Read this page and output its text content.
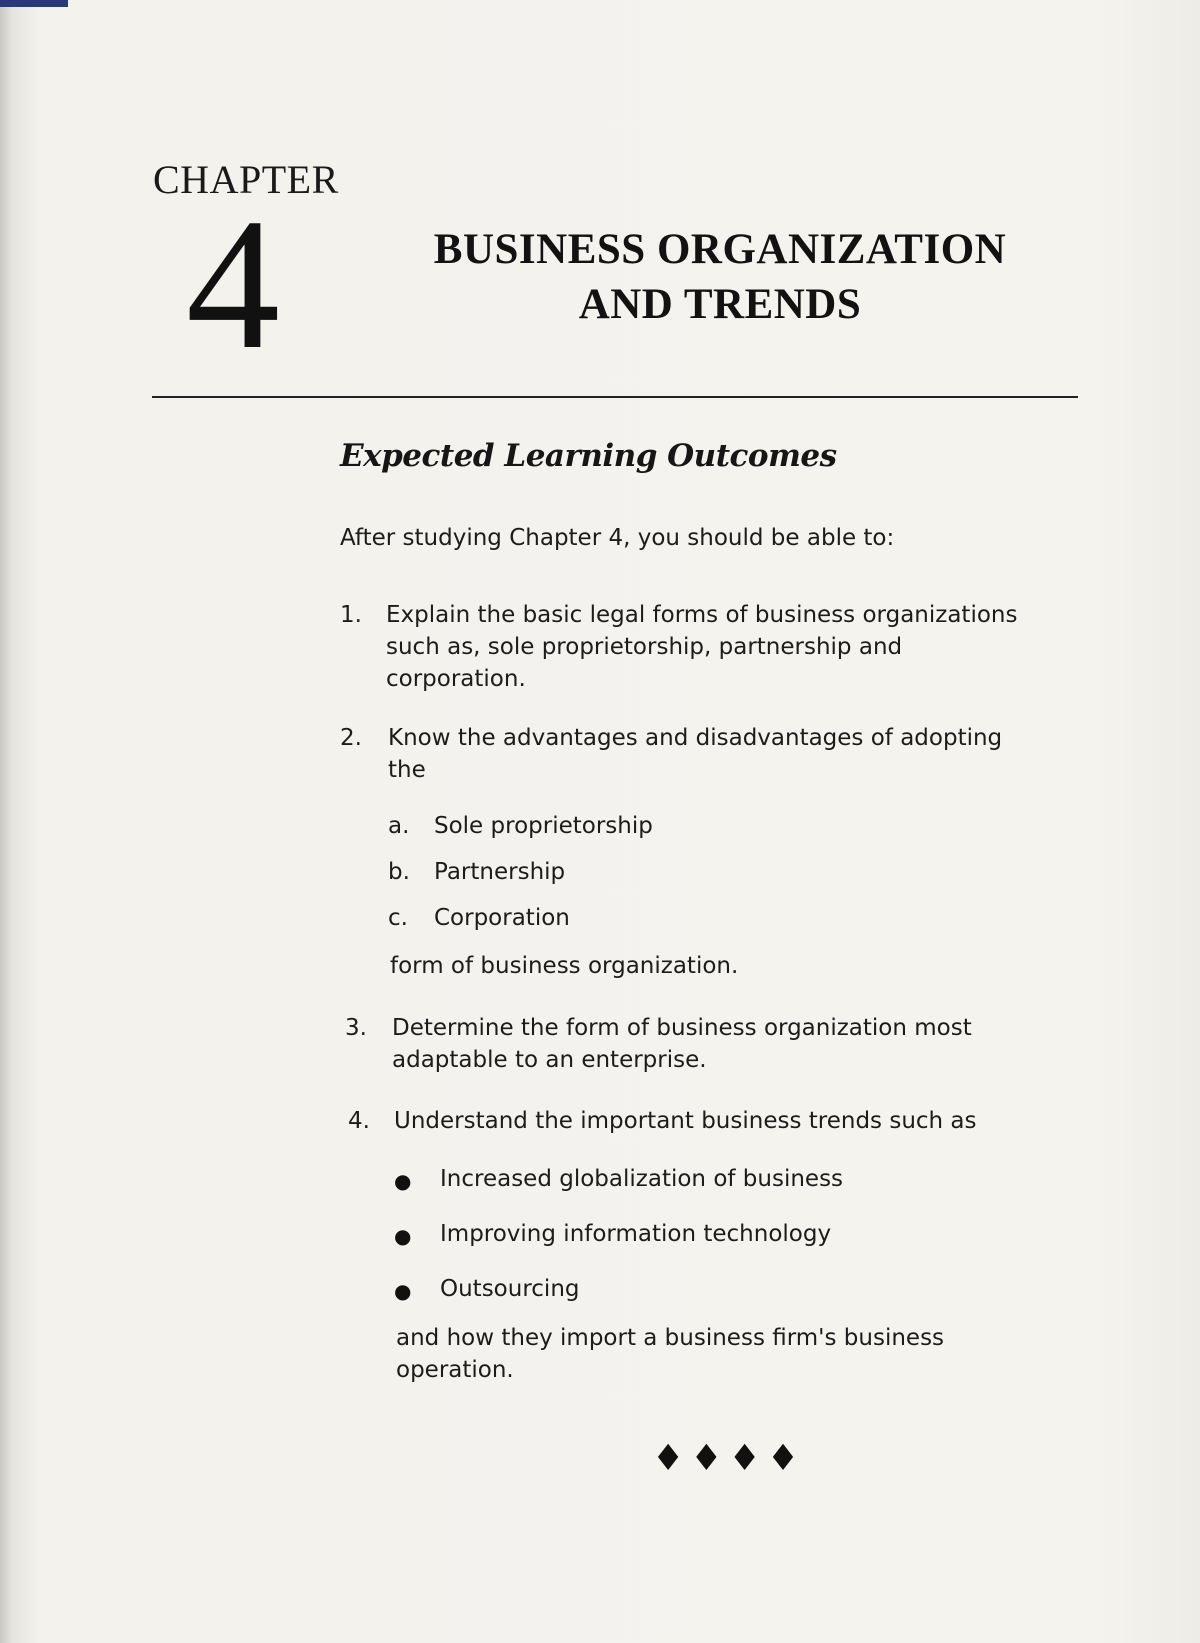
CHAPTER
4	BUSINESS ORGANIZATION
AND TRENDS
Expected Learning Outcomes
After studying Chapter 4, you should be able to:
1. Explain the basic legal forms of business organizations
such as, sole proprietorship, partnership and
corporation.
2. Know the advantages and disadvantages of adopting
the
a. Sole proprietorship
b. Partnership
c. Corporation
form of business organization.
3. Determine the form of business organization most
adaptable to an enterprise.
4. Understand the important business trends such as
● Increased globalization of business
● Improving information technology
● Outsourcing
and how they import a business firm's business
operation.
♦♦♦♦
